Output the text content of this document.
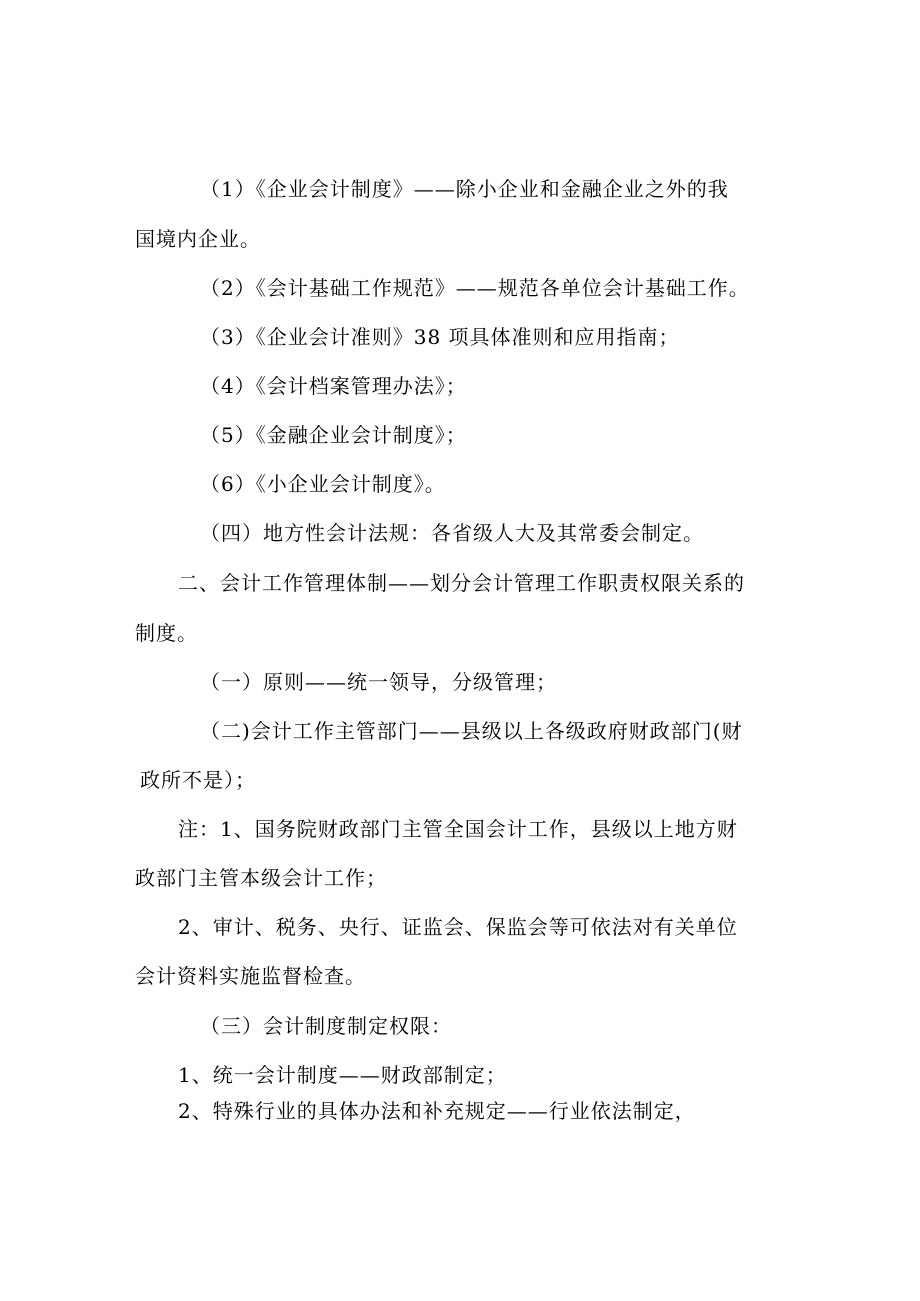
（1）《企业会计制度》——除小企业和金融企业之外的我
国境内企业。
（2）《会计基础工作规范》——规范各单位会计基础工作。
（3）《企业会计准则》38 项具体准则和应用指南；
（4）《会计档案管理办法》；
（5）《金融企业会计制度》；
（6）《小企业会计制度》。
（四）地方性会计法规：各省级人大及其常委会制定。
二、会计工作管理体制——划分会计管理工作职责权限关系的
制度。
（一）原则——统一领导，分级管理；
（二)会计工作主管部门——县级以上各级政府财政部门(财
政所不是）；
注：1、国务院财政部门主管全国会计工作，县级以上地方财
政部门主管本级会计工作；
2、审计、税务、央行、证监会、保监会等可依法对有关单位
会计资料实施监督检查。
（三）会计制度制定权限：
1、统一会计制度——财政部制定；
2、特殊行业的具体办法和补充规定——行业依法制定，
